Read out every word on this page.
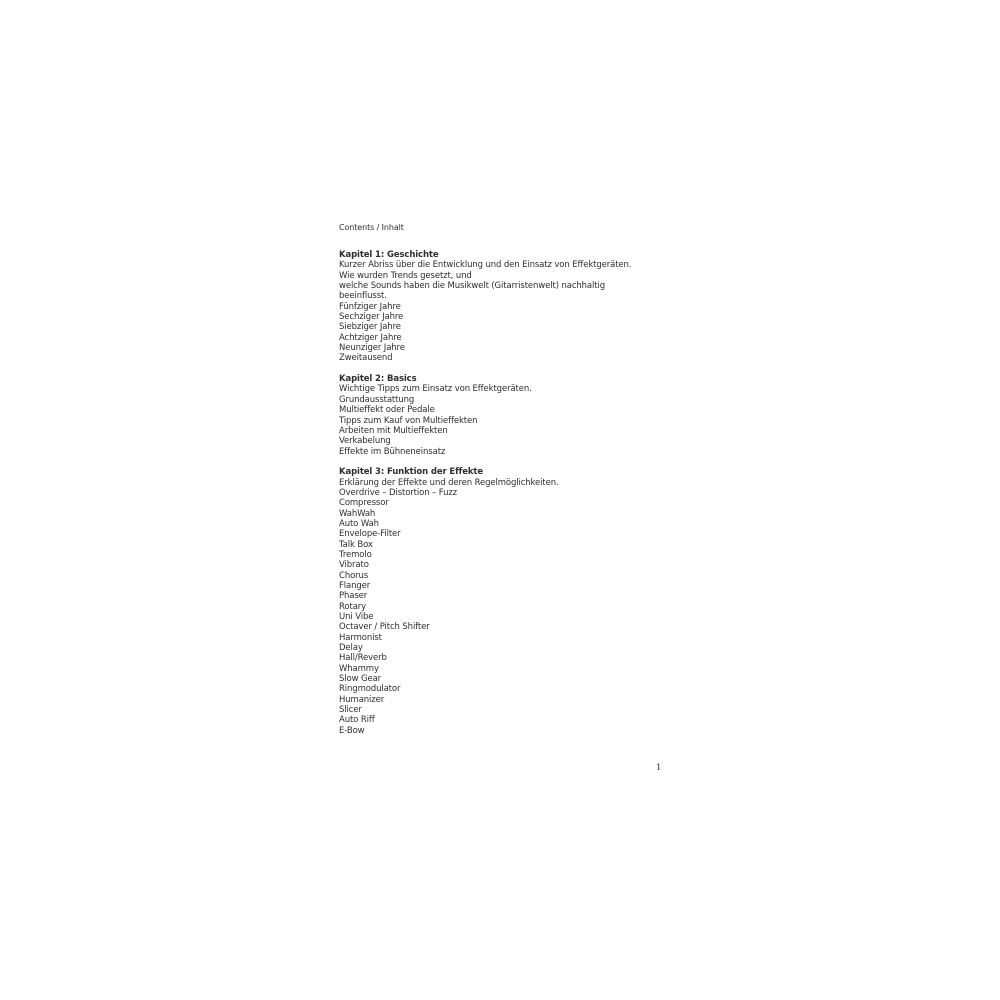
Contents / Inhalt
Kapitel 1: Geschichte
Kurzer Abriss über die Entwicklung und den Einsatz von Effektgeräten.
Wie wurden Trends gesetzt, und
welche Sounds haben die Musikwelt (Gitarristenwelt) nachhaltig
beeinflusst.
Fünfziger Jahre
Sechziger Jahre
Siebziger Jahre
Achtziger Jahre
Neunziger Jahre
Zweitausend
Kapitel 2: Basics
Wichtige Tipps zum Einsatz von Effektgeräten.
Grundausstattung
Multieffekt oder Pedale
Tipps zum Kauf von Multieffekten
Arbeiten mit Multieffekten
Verkabelung
Effekte im Bühneneinsatz
Kapitel 3: Funktion der Effekte
Erklärung der Effekte und deren Regelmöglichkeiten.
Overdrive – Distortion – Fuzz
Compressor
WahWah
Auto Wah
Envelope-Filter
Talk Box
Tremolo
Vibrato
Chorus
Flanger
Phaser
Rotary
Uni Vibe
Octaver / Pitch Shifter
Harmonist
Delay
Hall/Reverb
Whammy
Slow Gear
Ringmodulator
Humanizer
Slicer
Auto Riff
E-Bow
1
